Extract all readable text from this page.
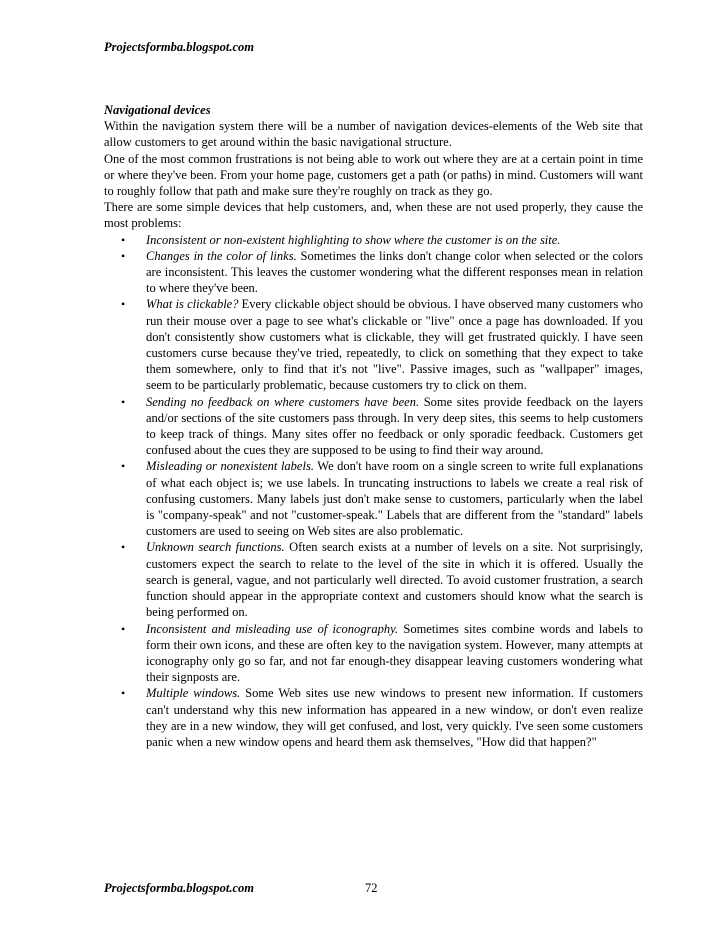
Projectsformba.blogspot.com

Navigational devices

Within the navigation system there will be a number of navigation devices-elements of the Web site that allow customers to get around within the basic navigational structure.

One of the most common frustrations is not being able to work out where they are at a certain point in time or where they've been. From your home page, customers get a path (or paths) in mind. Customers will want to roughly follow that path and make sure they're roughly on track as they go.

There are some simple devices that help customers, and, when these are not used properly, they cause the most problems:

• Inconsistent or non-existent highlighting to show where the customer is on the site.
• Changes in the color of links. Sometimes the links don't change color when selected or the colors are inconsistent. This leaves the customer wondering what the different responses mean in relation to where they've been.
• What is clickable? Every clickable object should be obvious. I have observed many customers who run their mouse over a page to see what's clickable or "live" once a page has downloaded. If you don't consistently show customers what is clickable, they will get frustrated quickly. I have seen customers curse because they've tried, repeatedly, to click on something that they expect to take them somewhere, only to find that it's not "live". Passive images, such as "wallpaper" images, seem to be particularly problematic, because customers try to click on them.
• Sending no feedback on where customers have been. Some sites provide feedback on the layers and/or sections of the site customers pass through. In very deep sites, this seems to help customers to keep track of things. Many sites offer no feedback or only sporadic feedback. Customers get confused about the cues they are supposed to be using to find their way around.
• Misleading or nonexistent labels. We don't have room on a single screen to write full explanations of what each object is; we use labels. In truncating instructions to labels we create a real risk of confusing customers. Many labels just don't make sense to customers, particularly when the label is "company-speak" and not "customer-speak." Labels that are different from the "standard" labels customers are used to seeing on Web sites are also problematic.
• Unknown search functions. Often search exists at a number of levels on a site. Not surprisingly, customers expect the search to relate to the level of the site in which it is offered. Usually the search is general, vague, and not particularly well directed. To avoid customer frustration, a search function should appear in the appropriate context and customers should know what the search is being performed on.
• Inconsistent and misleading use of iconography. Sometimes sites combine words and labels to form their own icons, and these are often key to the navigation system. However, many attempts at iconography only go so far, and not far enough-they disappear leaving customers wondering what their signposts are.
• Multiple windows. Some Web sites use new windows to present new information. If customers can't understand why this new information has appeared in a new window, or don't even realize they are in a new window, they will get confused, and lost, very quickly. I've seen some customers panic when a new window opens and heard them ask themselves, "How did that happen?"
Projectsformba.blogspot.com	72
